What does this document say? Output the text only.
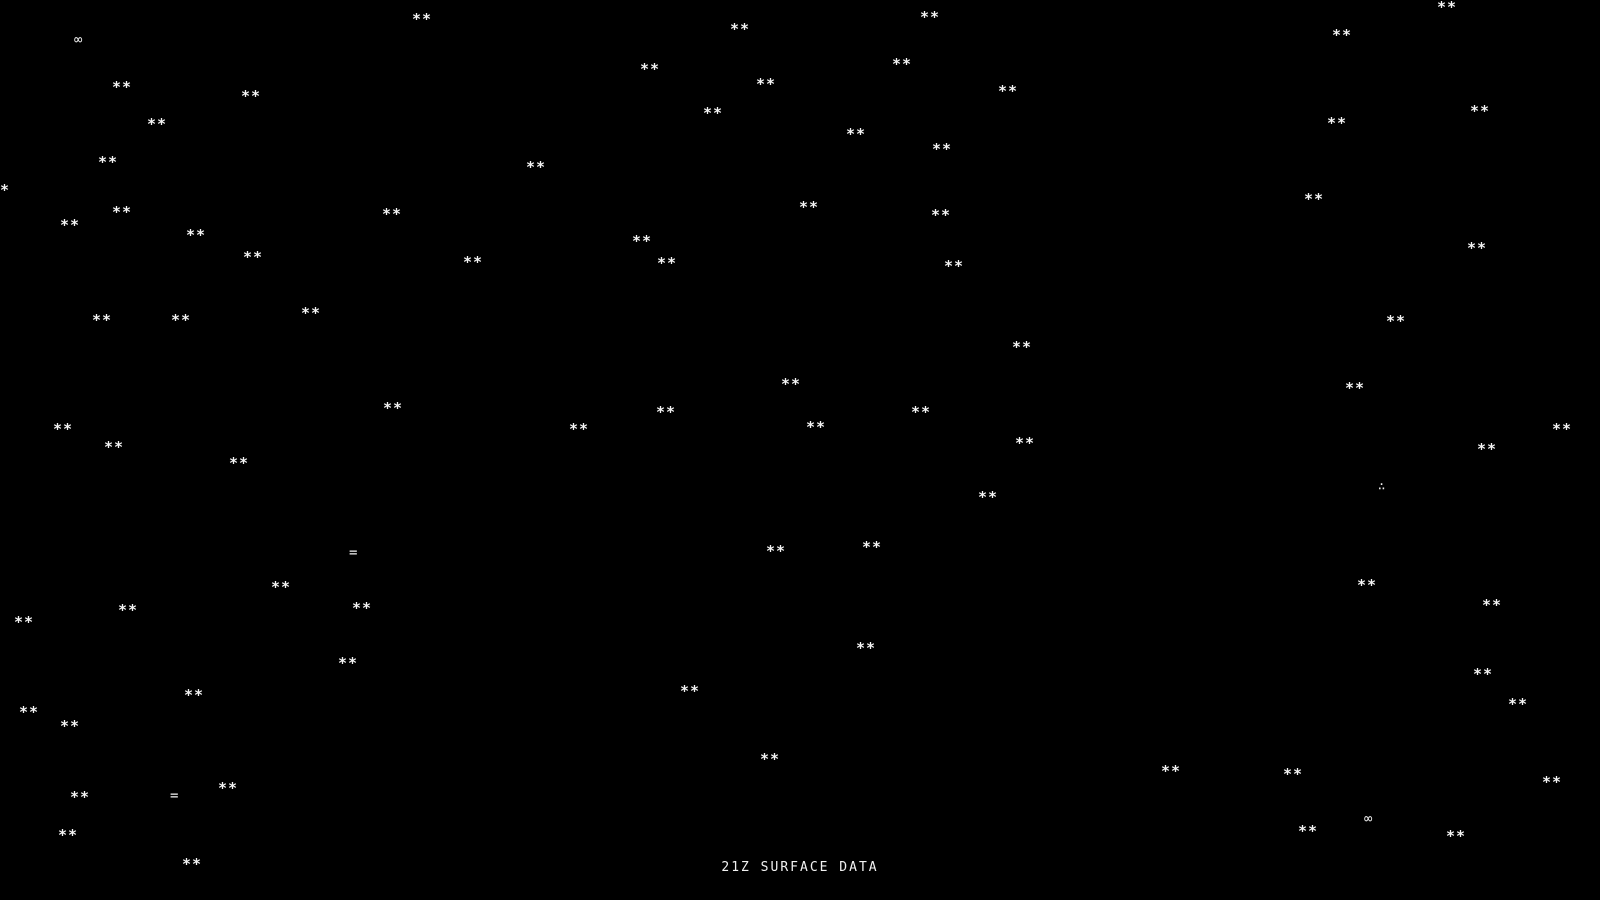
**	**
**
∞
**	**
**
**
**	**	**
**
**
**
**
**
**
**
**	**
*	**
**
**	**	**
**
**	**	**
**	**	**	**
**
**	**	**
**
**	**
**	**	**
**	**	**	**
**
**	**
**
∴
**
=	**
**
**
**
**
**
**
**
**
**
**
**
**	**
**
**
**
**	**	**
=	**
**
∞
**
**	**
**	21Z SURFACE DATA
